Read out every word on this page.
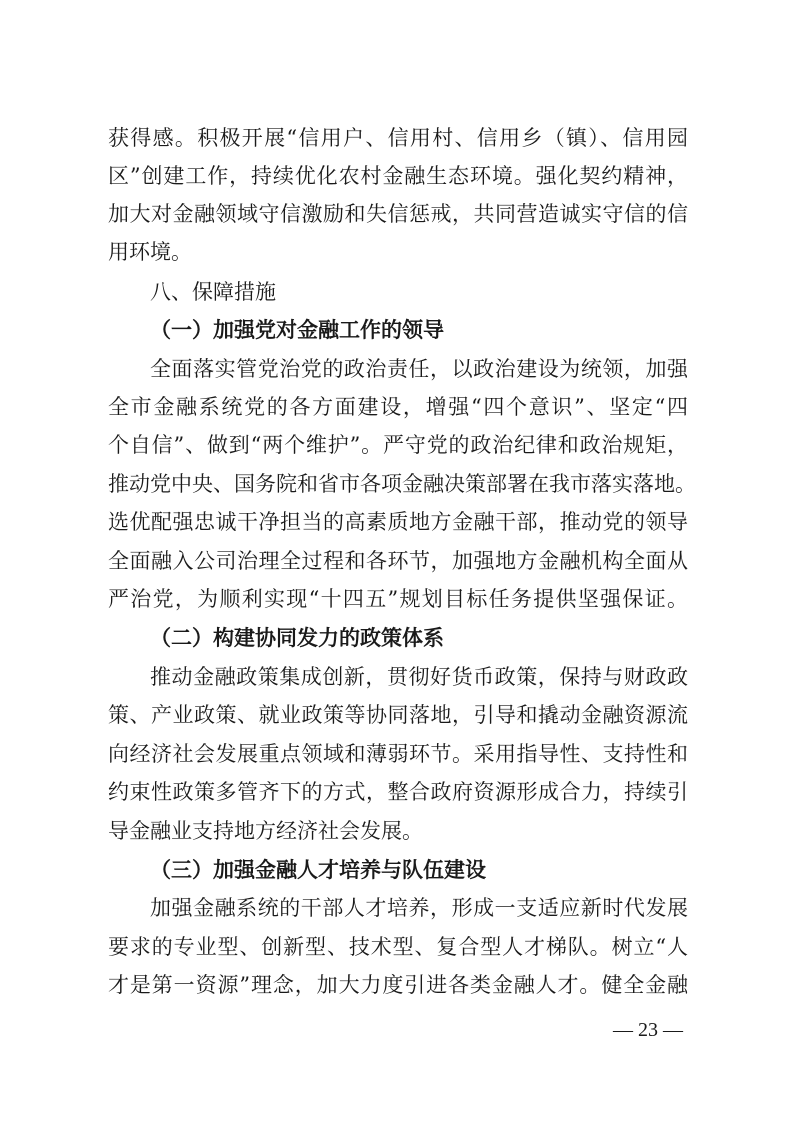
获得感。积极开展“信用户、信用村、信用乡（镇）、信用园
区”创建工作，持续优化农村金融生态环境。强化契约精神，
加大对金融领域守信激励和失信惩戒，共同营造诚实守信的信
用环境。
八、保障措施
（一）加强党对金融工作的领导
全面落实管党治党的政治责任，以政治建设为统领，加强
全市金融系统党的各方面建设，增强“四个意识”、坚定“四
个自信”、做到“两个维护”。严守党的政治纪律和政治规矩，
推动党中央、国务院和省市各项金融决策部署在我市落实落地。
选优配强忠诚干净担当的高素质地方金融干部，推动党的领导
全面融入公司治理全过程和各环节，加强地方金融机构全面从
严治党，为顺利实现“十四五”规划目标任务提供坚强保证。
（二）构建协同发力的政策体系
推动金融政策集成创新，贯彻好货币政策，保持与财政政
策、产业政策、就业政策等协同落地，引导和撬动金融资源流
向经济社会发展重点领域和薄弱环节。采用指导性、支持性和
约束性政策多管齐下的方式，整合政府资源形成合力，持续引
导金融业支持地方经济社会发展。
（三）加强金融人才培养与队伍建设
加强金融系统的干部人才培养，形成一支适应新时代发展
要求的专业型、创新型、技术型、复合型人才梯队。树立“人
才是第一资源”理念，加大力度引进各类金融人才。健全金融
— 23 —
